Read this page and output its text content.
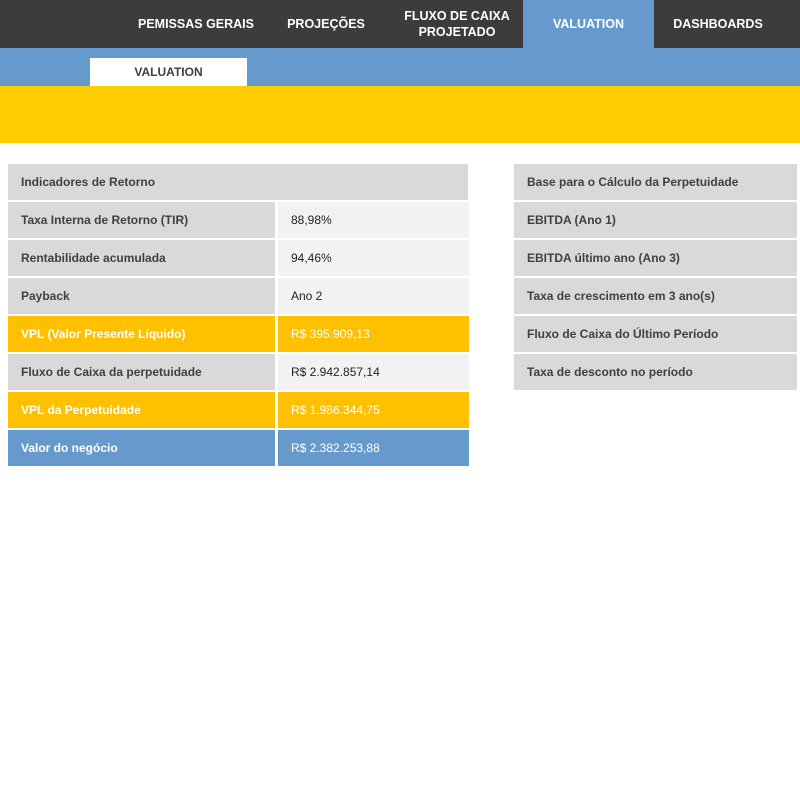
PEMISSAS GERAIS	PROJEÇÕES
FLUXO DE CAIXA
PROJETADO
VALUATION	DASHBOARDS
VALUATION
Indicadores de Retorno
Taxa Interna de Retorno (TIR)	88,98%
Rentabilidade acumulada	94,46%
Payback	Ano 2
VPL (Valor Presente Líquido)	R$ 395.909,13
Fluxo de Caixa da perpetuidade	R$ 2.942.857,14
VPL da Perpetuidade	R$ 1.986.344,75
Valor do negócio	R$ 2.382.253,88
Base para o Cálculo da Perpetuidade
EBITDA (Ano 1)
EBITDA último ano (Ano 3)
Taxa de crescimento em 3 ano(s)
Fluxo de Caixa do Último Período
Taxa de desconto no período
